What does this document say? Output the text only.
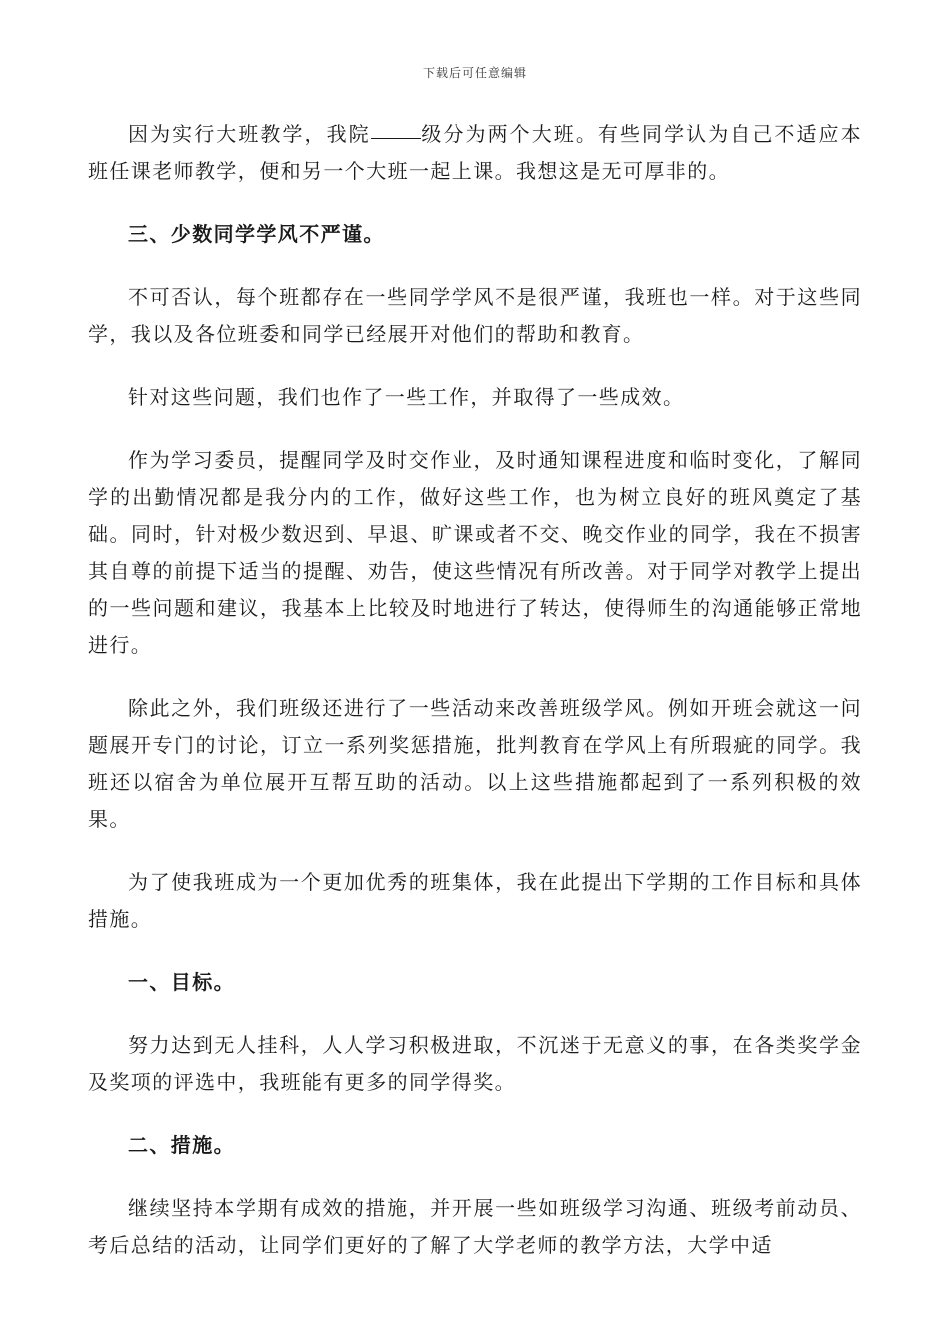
下载后可任意编辑

因为实行大班教学，我院	级分为两个大班。有些同学认为自己不适应本班任课老师教学，便和另一个大班一起上课。我想这是无可厚非的。

三、少数同学学风不严谨。

不可否认，每个班都存在一些同学学风不是很严谨，我班也一样。对于这些同学，我以及各位班委和同学已经展开对他们的帮助和教育。

针对这些问题，我们也作了一些工作，并取得了一些成效。

作为学习委员，提醒同学及时交作业，及时通知课程进度和临时变化，了解同学的出勤情况都是我分内的工作，做好这些工作，也为树立良好的班风奠定了基础。同时，针对极少数迟到、早退、旷课或者不交、晚交作业的同学，我在不损害其自尊的前提下适当的提醒、劝告，使这些情况有所改善。对于同学对教学上提出的一些问题和建议，我基本上比较及时地进行了转达，使得师生的沟通能够正常地进行。

除此之外，我们班级还进行了一些活动来改善班级学风。例如开班会就这一问题展开专门的讨论，订立一系列奖惩措施，批判教育在学风上有所瑕疵的同学。我班还以宿舍为单位展开互帮互助的活动。以上这些措施都起到了一系列积极的效果。

为了使我班成为一个更加优秀的班集体，我在此提出下学期的工作目标和具体措施。

一、目标。

努力达到无人挂科，人人学习积极进取，不沉迷于无意义的事，在各类奖学金及奖项的评选中，我班能有更多的同学得奖。

二、措施。

继续坚持本学期有成效的措施，并开展一些如班级学习沟通、班级考前动员、考后总结的活动，让同学们更好的了解了大学老师的教学方法，大学中适
